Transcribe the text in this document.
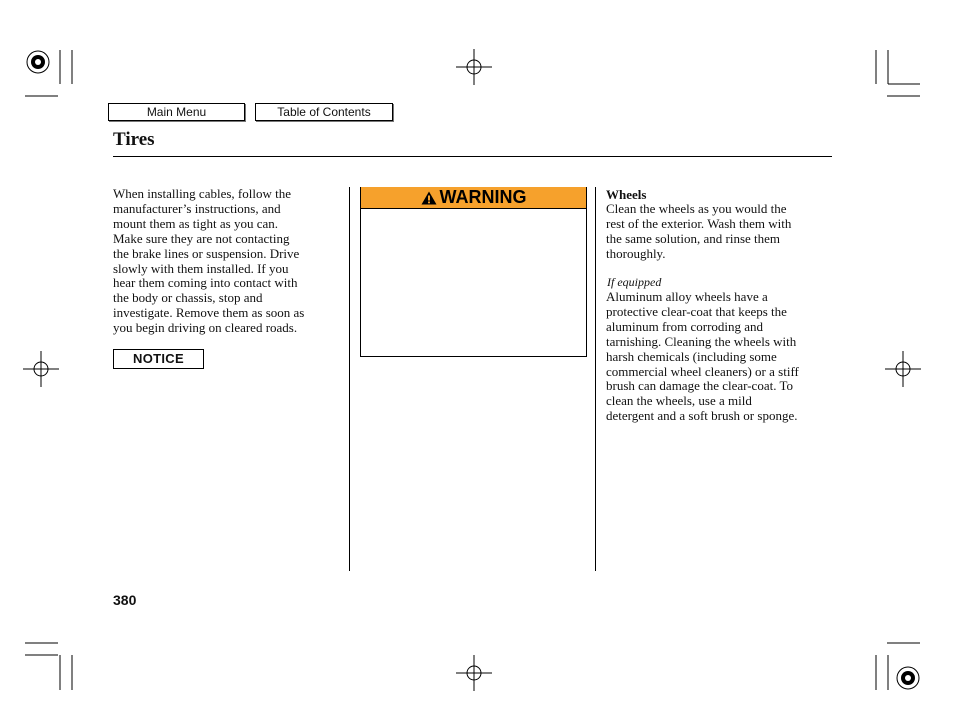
Main Menu	Table of Contents
Tires
When installing cables, follow the
manufacturer’s instructions, and
mount them as tight as you can.
Make sure they are not contacting
the brake lines or suspension. Drive
slowly with them installed. If you
hear them coming into contact with
the body or chassis, stop and
investigate. Remove them as soon as
you begin driving on cleared roads.
NOTICE
WARNING	Wheels
Clean the wheels as you would the
rest of the exterior. Wash them with
the same solution, and rinse them
thoroughly.
If equipped
Aluminum alloy wheels have a
protective clear-coat that keeps the
aluminum from corroding and
tarnishing. Cleaning the wheels with
harsh chemicals (including some
commercial wheel cleaners) or a stiff
brush can damage the clear-coat. To
clean the wheels, use a mild
detergent and a soft brush or sponge.
380
